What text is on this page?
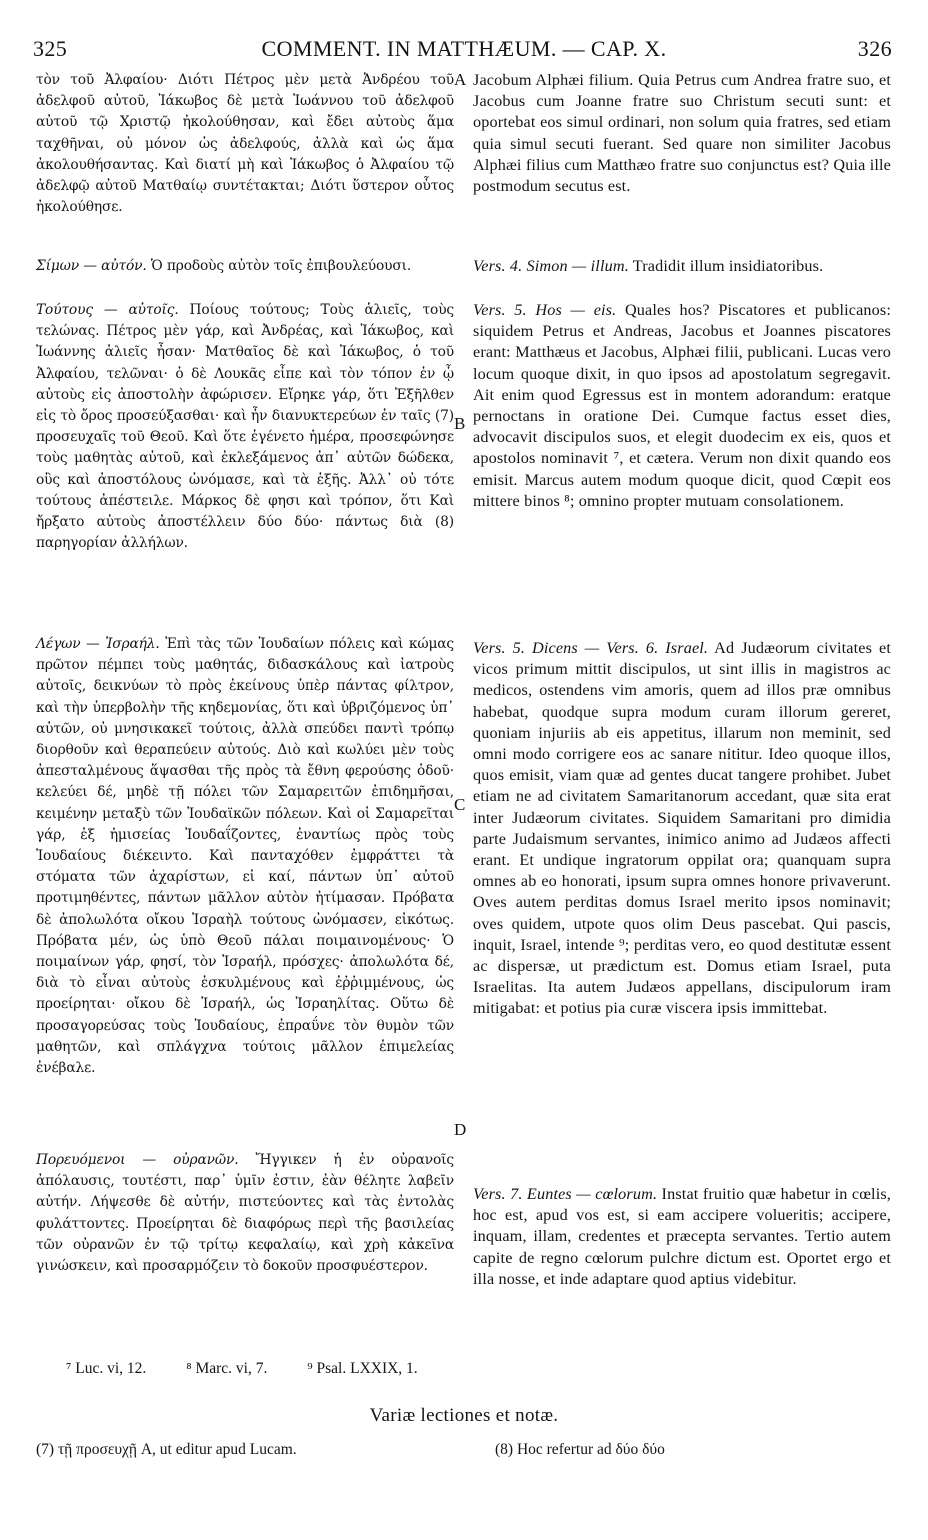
325	COMMENT. IN MATTHÆUM. — CAP. X.	326

τὸν τοῦ Ἀλφαίου· Διότι Πέτρος μὲν μετὰ Ἀνδρέου τοῦ ἀδελφοῦ αὐτοῦ, Ἰάκωβος δὲ μετὰ Ἰωάννου τοῦ ἀδελφοῦ αὐτοῦ τῷ Χριστῷ ἠκολούθησαν, καὶ ἔδει αὐτοὺς ἅμα ταχθῆναι, οὐ μόνον ὡς ἀδελφούς, ἀλλὰ καὶ ὡς ἅμα ἀκολουθήσαντας. Καὶ διατί μὴ καὶ Ἰάκωβος ὁ Ἀλφαίου τῷ ἀδελφῷ αὐτοῦ Ματθαίῳ συντέτακται; Διότι ὕστερον οὗτος ἠκολούθησε.

Σίμων — αὐτόν. Ὁ προδοὺς αὐτὸν τοῖς ἐπιβουλεύουσι.

Τούτους — αὐτοῖς. Ποίους τούτους; Τοὺς ἁλιεῖς, τοὺς τελώνας. Πέτρος μὲν γάρ, καὶ Ἀνδρέας, καὶ Ἰάκωβος, καὶ Ἰωάννης ἁλιεῖς ἦσαν· Ματθαῖος δὲ καὶ Ἰάκωβος, ὁ τοῦ Ἀλφαίου, τελῶναι· ὁ δὲ Λουκᾶς εἶπε καὶ τὸν τόπον ἐν ᾧ αὐτοὺς εἰς ἀποστολὴν ἀφώρισεν. Εἴρηκε γάρ, ὅτι Ἐξῆλθεν εἰς τὸ ὄρος προσεύξασθαι· καὶ ἦν διανυκτερεύων ἐν ταῖς (7) προσευχαῖς τοῦ Θεοῦ. Καὶ ὅτε ἐγένετο ἡμέρα, προσεφώνησε τοὺς μαθητὰς αὐτοῦ, καὶ ἐκλεξάμενος ἀπ᾽ αὐτῶν δώδεκα, οὓς καὶ ἀποστόλους ὠνόμασε, καὶ τὰ ἑξῆς. Ἀλλ᾽ οὐ τότε τούτους ἀπέστειλε. Μάρκος δὲ φησι καὶ τρόπον, ὅτι Καὶ ἤρξατο αὐτοὺς ἀποστέλλειν δύο δύο· πάντως διὰ (8) παρηγορίαν ἀλλήλων.

Λέγων — Ἰσραήλ. Ἐπὶ τὰς τῶν Ἰουδαίων πόλεις καὶ κώμας πρῶτον πέμπει τοὺς μαθητάς, διδασκάλους καὶ ἰατροὺς αὐτοῖς, δεικνύων τὸ πρὸς ἐκείνους ὑπὲρ πάντας φίλτρον, καὶ τὴν ὑπερβολὴν τῆς κηδεμονίας, ὅτι καὶ ὑβριζόμενος ὑπ᾽ αὐτῶν, οὐ μνησικακεῖ τούτοις, ἀλλὰ σπεύδει παντὶ τρόπῳ διορθοῦν καὶ θεραπεύειν αὐτούς. Διὸ καὶ κωλύει μὲν τοὺς ἀπεσταλμένους ἅψασθαι τῆς πρὸς τὰ ἔθνη φερούσης ὁδοῦ· κελεύει δέ, μηδὲ τῇ πόλει τῶν Σαμαρειτῶν ἐπιδημῆσαι, κειμένην μεταξὺ τῶν Ἰουδαϊκῶν πόλεων. Καὶ οἱ Σαμαρεῖται γάρ, ἐξ ἡμισείας Ἰουδαΐζοντες, ἐναντίως πρὸς τοὺς Ἰουδαίους διέκειντο. Καὶ πανταχόθεν ἐμφράττει τὰ στόματα τῶν ἀχαρίστων, εἰ καί, πάντων ὑπ᾽ αὐτοῦ προτιμηθέντες, πάντων μᾶλλον αὐτὸν ἠτίμασαν. Πρόβατα δὲ ἀπολωλότα οἴκου Ἰσραὴλ τούτους ὠνόμασεν, εἰκότως. Πρόβατα μέν, ὡς ὑπὸ Θεοῦ πάλαι ποιμαινομένους· Ὁ ποιμαίνων γάρ, φησί, τὸν Ἰσραήλ, πρόσχες· ἀπολωλότα δέ, διὰ τὸ εἶναι αὐτοὺς ἐσκυλμένους καὶ ἐῤῥιμμένους, ὡς προείρηται· οἴκου δὲ Ἰσραήλ, ὡς Ἰσραηλίτας. Οὕτω δὲ προσαγορεύσας τοὺς Ἰουδαίους, ἐπραΰνε τὸν θυμὸν τῶν μαθητῶν, καὶ σπλάγχνα τούτοις μᾶλλον ἐπιμελείας ἐνέβαλε.

Πορευόμενοι — οὐρανῶν. Ἤγγικεν ἡ ἐν οὐρανοῖς ἀπόλαυσις, τουτέστι, παρ᾽ ὑμῖν ἐστιν, ἐὰν θέλητε λαβεῖν αὐτήν. Λήψεσθε δὲ αὐτήν, πιστεύοντες καὶ τὰς ἐντολὰς φυλάττοντες. Προείρηται δὲ διαφόρως περὶ τῆς βασιλείας τῶν οὐρανῶν ἐν τῷ τρίτῳ κεφαλαίῳ, καὶ χρὴ κἀκεῖνα γινώσκειν, καὶ προσαρμόζειν τὸ δοκοῦν προσφυέστερον.

A
B
C
D

Jacobum Alphæi filium. Quia Petrus cum Andrea fratre suo, et Jacobus cum Joanne fratre suo Christum secuti sunt: et oportebat eos simul ordinari, non solum quia fratres, sed etiam quia simul secuti fuerant. Sed quare non similiter Jacobus Alphæi filius cum Matthæo fratre suo conjunctus est? Quia ille postmodum secutus est.

Vers. 4. Simon — illum. Tradidit illum insidiatoribus.

Vers. 5. Hos — eis. Quales hos? Piscatores et publicanos: siquidem Petrus et Andreas, Jacobus et Joannes piscatores erant: Matthæus et Jacobus, Alphæi filii, publicani. Lucas vero locum quoque dixit, in quo ipsos ad apostolatum segregavit. Ait enim quod Egressus est in montem adorandum: eratque pernoctans in oratione Dei. Cumque factus esset dies, advocavit discipulos suos, et elegit duodecim ex eis, quos et apostolos nominavit ⁷, et cætera. Verum non dixit quando eos emisit. Marcus autem modum quoque dicit, quod Cœpit eos mittere binos ⁸; omnino propter mutuam consolationem.

Vers. 5. Dicens — Vers. 6. Israel. Ad Judæorum civitates et vicos primum mittit discipulos, ut sint illis in magistros ac medicos, ostendens vim amoris, quem ad illos præ omnibus habebat, quodque supra modum curam illorum gereret, quoniam injuriis ab eis appetitus, illarum non meminit, sed omni modo corrigere eos ac sanare nititur. Ideo quoque illos, quos emisit, viam quæ ad gentes ducat tangere prohibet. Jubet etiam ne ad civitatem Samaritanorum accedant, quæ sita erat inter Judæorum civitates. Siquidem Samaritani pro dimidia parte Judaismum servantes, inimico animo ad Judæos affecti erant. Et undique ingratorum oppilat ora; quanquam supra omnes ab eo honorati, ipsum supra omnes honore privaverunt. Oves autem perditas domus Israel merito ipsos nominavit; oves quidem, utpote quos olim Deus pascebat. Qui pascis, inquit, Israel, intende ⁹; perditas vero, eo quod destitutæ essent ac dispersæ, ut prædictum est. Domus etiam Israel, puta Israelitas. Ita autem Judæos appellans, discipulorum iram mitigabat: et potius pia curæ viscera ipsis immittebat.

Vers. 7. Euntes — cœlorum. Instat fruitio quæ habetur in cœlis, hoc est, apud vos est, si eam accipere volueritis; accipere, inquam, illam, credentes et præcepta servantes. Tertio autem capite de regno cœlorum pulchre dictum est. Oportet ergo et illa nosse, et inde adaptare quod aptius videbitur.

⁷ Luc. vi, 12.	⁸ Marc. vi, 7.	⁹ Psal. LXXIX, 1.
Variæ lectiones et notæ.
(7) τῇ προσευχῇ A, ut editur apud Lucam.	(8) Hoc refertur ad δύο δύο
